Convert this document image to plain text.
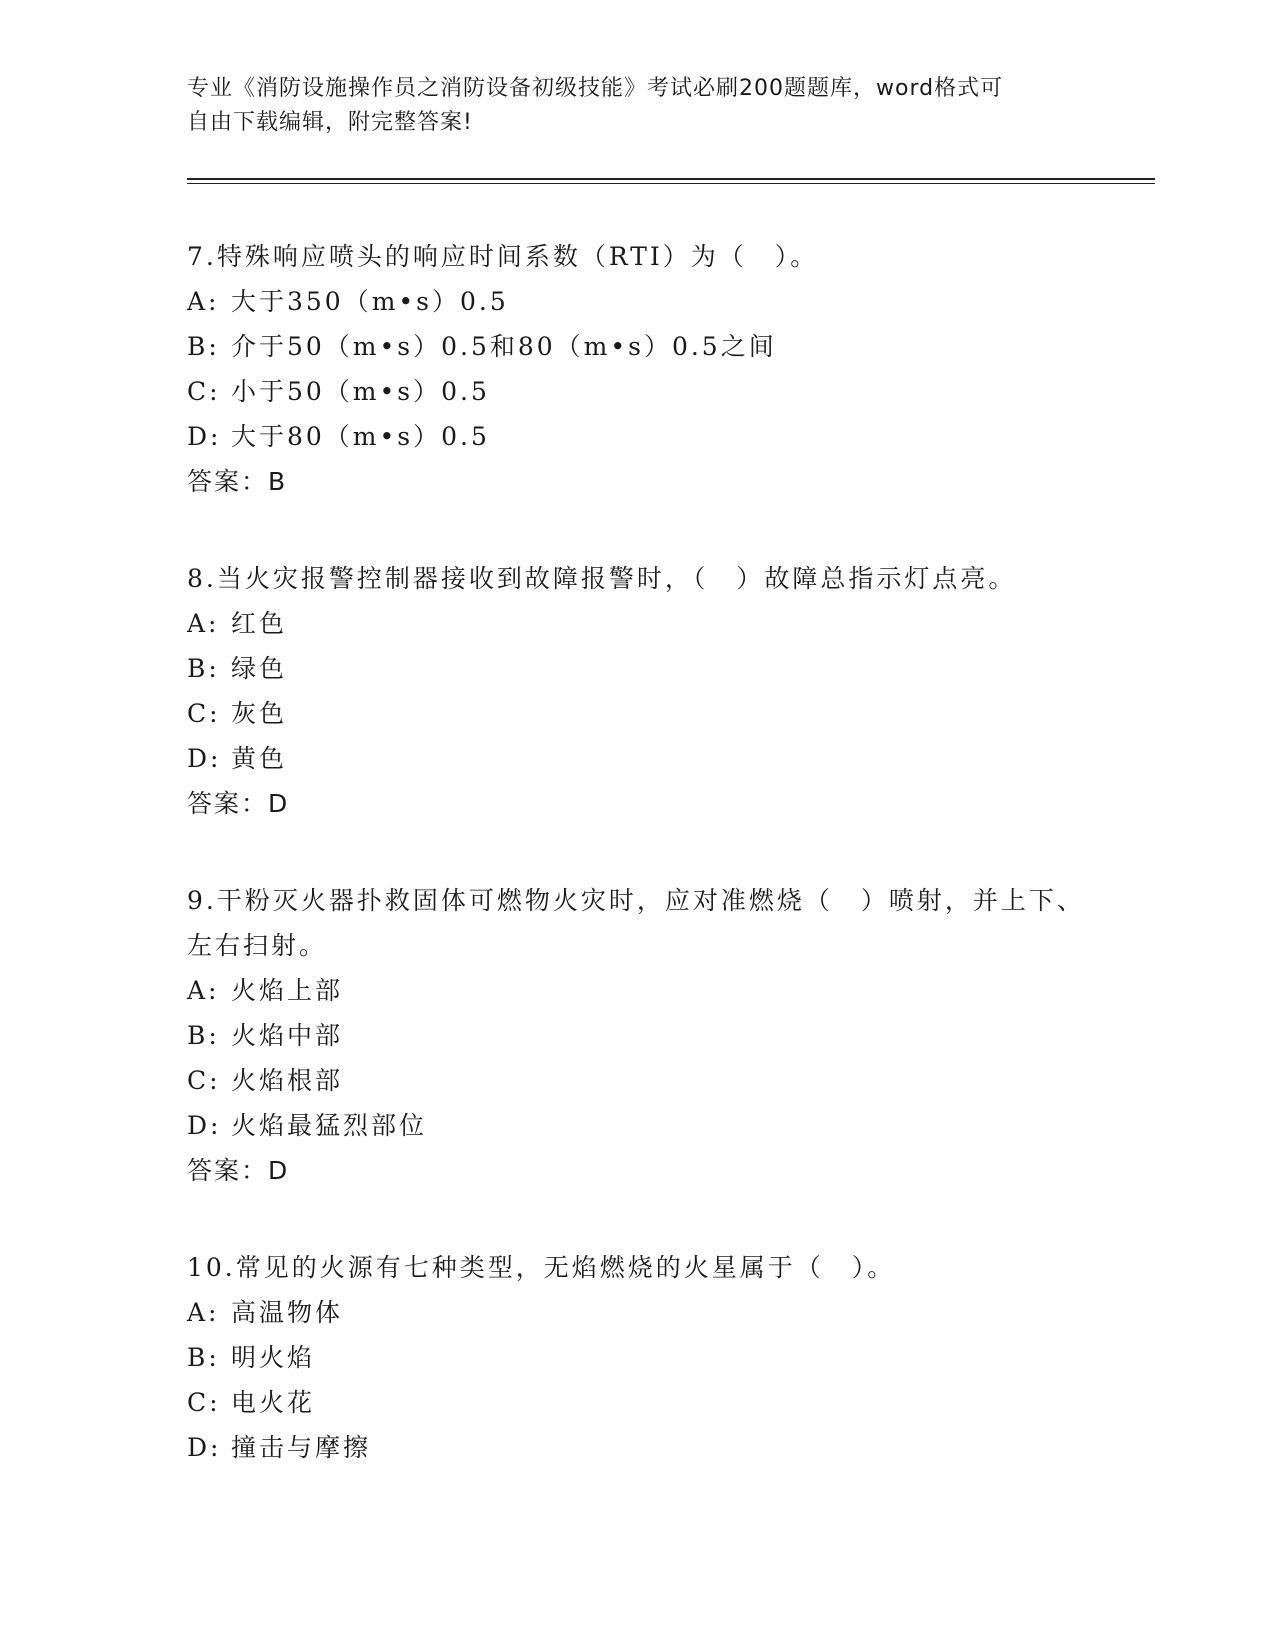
专业《消防设施操作员之消防设备初级技能》考试必刷200题题库，word格式可
自由下载编辑，附完整答案!
7.特殊响应喷头的响应时间系数（RTI）为（　）。
A: 大于350（m•s）0.5
B: 介于50（m•s）0.5和80（m•s）0.5之间
C: 小于50（m•s）0.5
D: 大于80（m•s）0.5
答案：B
8.当火灾报警控制器接收到故障报警时，（　）故障总指示灯点亮。
A: 红色
B: 绿色
C: 灰色
D: 黄色
答案：D
9.干粉灭火器扑救固体可燃物火灾时，应对准燃烧（　）喷射，并上下、左右扫射。
A: 火焰上部
B: 火焰中部
C: 火焰根部
D: 火焰最猛烈部位
答案：D
10.常见的火源有七种类型，无焰燃烧的火星属于（　）。
A: 高温物体
B: 明火焰
C: 电火花
D: 撞击与摩擦
